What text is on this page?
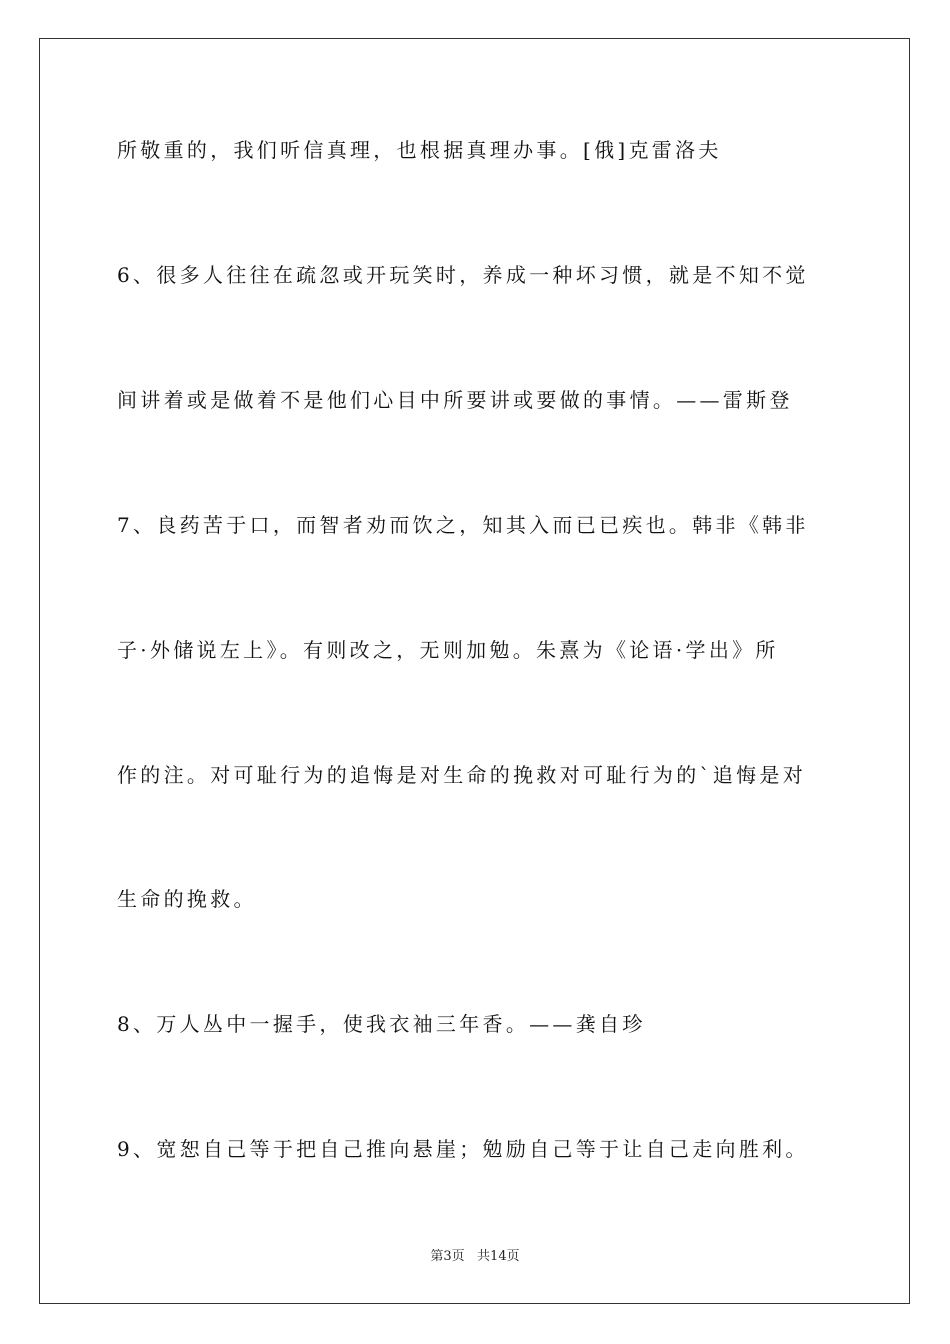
所敬重的，我们听信真理，也根据真理办事。[俄]克雷洛夫
6、很多人往往在疏忽或开玩笑时，养成一种坏习惯，就是不知不觉
间讲着或是做着不是他们心目中所要讲或要做的事情。——雷斯登
7、良药苦于口，而智者劝而饮之，知其入而已已疾也。韩非《韩非
子·外储说左上》。有则改之，无则加勉。朱熹为《论语·学出》所
作的注。对可耻行为的追悔是对生命的挽救对可耻行为的`追悔是对
生命的挽救。
8、万人丛中一握手，使我衣袖三年香。——龚自珍
9、宽恕自己等于把自己推向悬崖；勉励自己等于让自己走向胜利。
第3页   共14页
